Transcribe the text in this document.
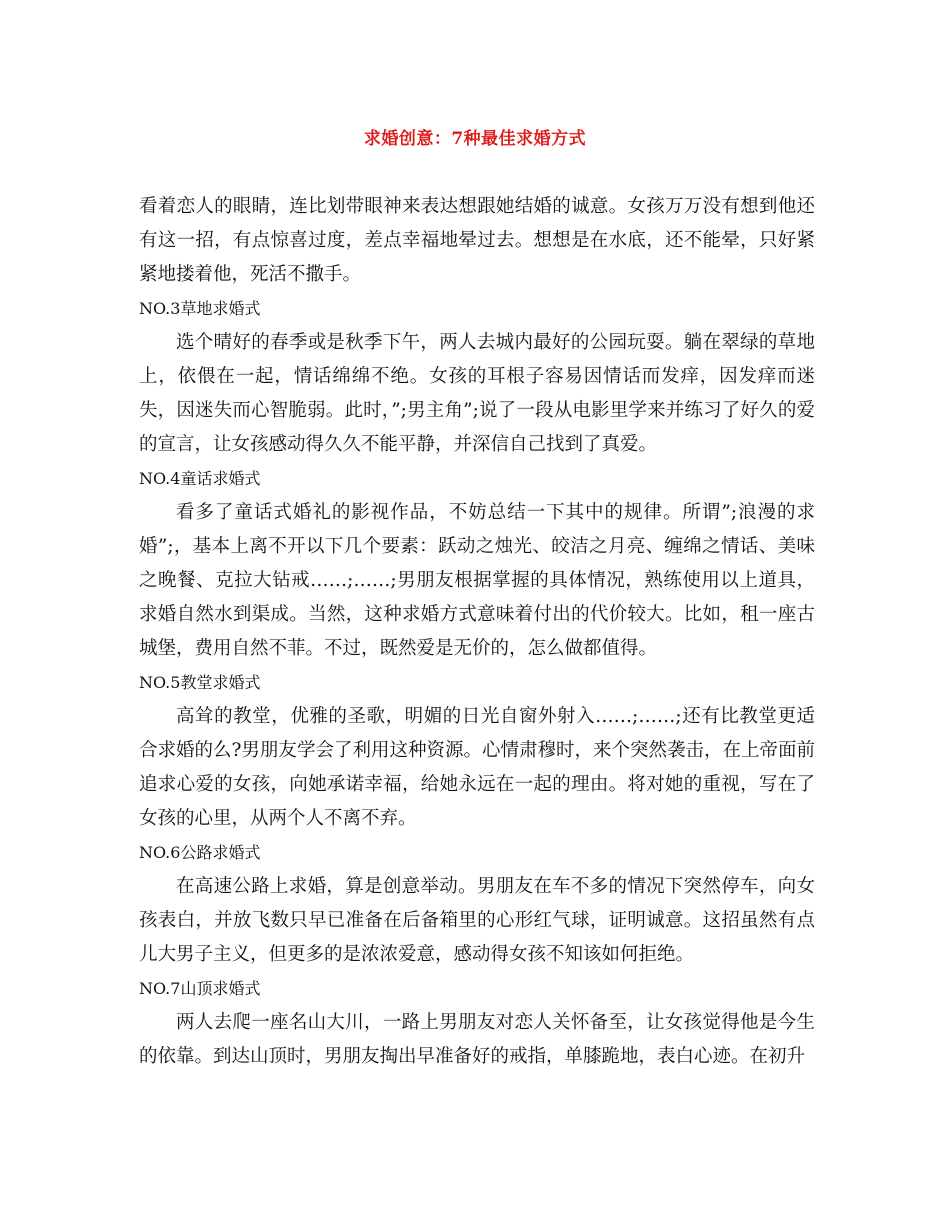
求婚创意：7种最佳求婚方式

看着恋人的眼睛，连比划带眼神来表达想跟她结婚的诚意。女孩万万没有想到他还有这一招，有点惊喜过度，差点幸福地晕过去。想想是在水底，还不能晕，只好紧紧地搂着他，死活不撒手。

NO.3草地求婚式

选个晴好的春季或是秋季下午，两人去城内最好的公园玩耍。躺在翠绿的草地上，依偎在一起，情话绵绵不绝。女孩的耳根子容易因情话而发痒，因发痒而迷失，因迷失而心智脆弱。此时，”;男主角”;说了一段从电影里学来并练习了好久的爱的宣言，让女孩感动得久久不能平静，并深信自己找到了真爱。

NO.4童话求婚式

看多了童话式婚礼的影视作品，不妨总结一下其中的规律。所谓”;浪漫的求婚”;，基本上离不开以下几个要素：跃动之烛光、皎洁之月亮、缠绵之情话、美味之晚餐、克拉大钻戒……;……;男朋友根据掌握的具体情况，熟练使用以上道具，求婚自然水到渠成。当然，这种求婚方式意味着付出的代价较大。比如，租一座古城堡，费用自然不菲。不过，既然爱是无价的，怎么做都值得。

NO.5教堂求婚式

高耸的教堂，优雅的圣歌，明媚的日光自窗外射入……;……;还有比教堂更适合求婚的么?男朋友学会了利用这种资源。心情肃穆时，来个突然袭击，在上帝面前追求心爱的女孩，向她承诺幸福，给她永远在一起的理由。将对她的重视，写在了女孩的心里，从两个人不离不弃。

NO.6公路求婚式

在高速公路上求婚，算是创意举动。男朋友在车不多的情况下突然停车，向女孩表白，并放飞数只早已准备在后备箱里的心形红气球，证明诚意。这招虽然有点儿大男子主义，但更多的是浓浓爱意，感动得女孩不知该如何拒绝。

NO.7山顶求婚式

两人去爬一座名山大川，一路上男朋友对恋人关怀备至，让女孩觉得他是今生的依靠。到达山顶时，男朋友掏出早准备好的戒指，单膝跪地，表白心迹。在初升
